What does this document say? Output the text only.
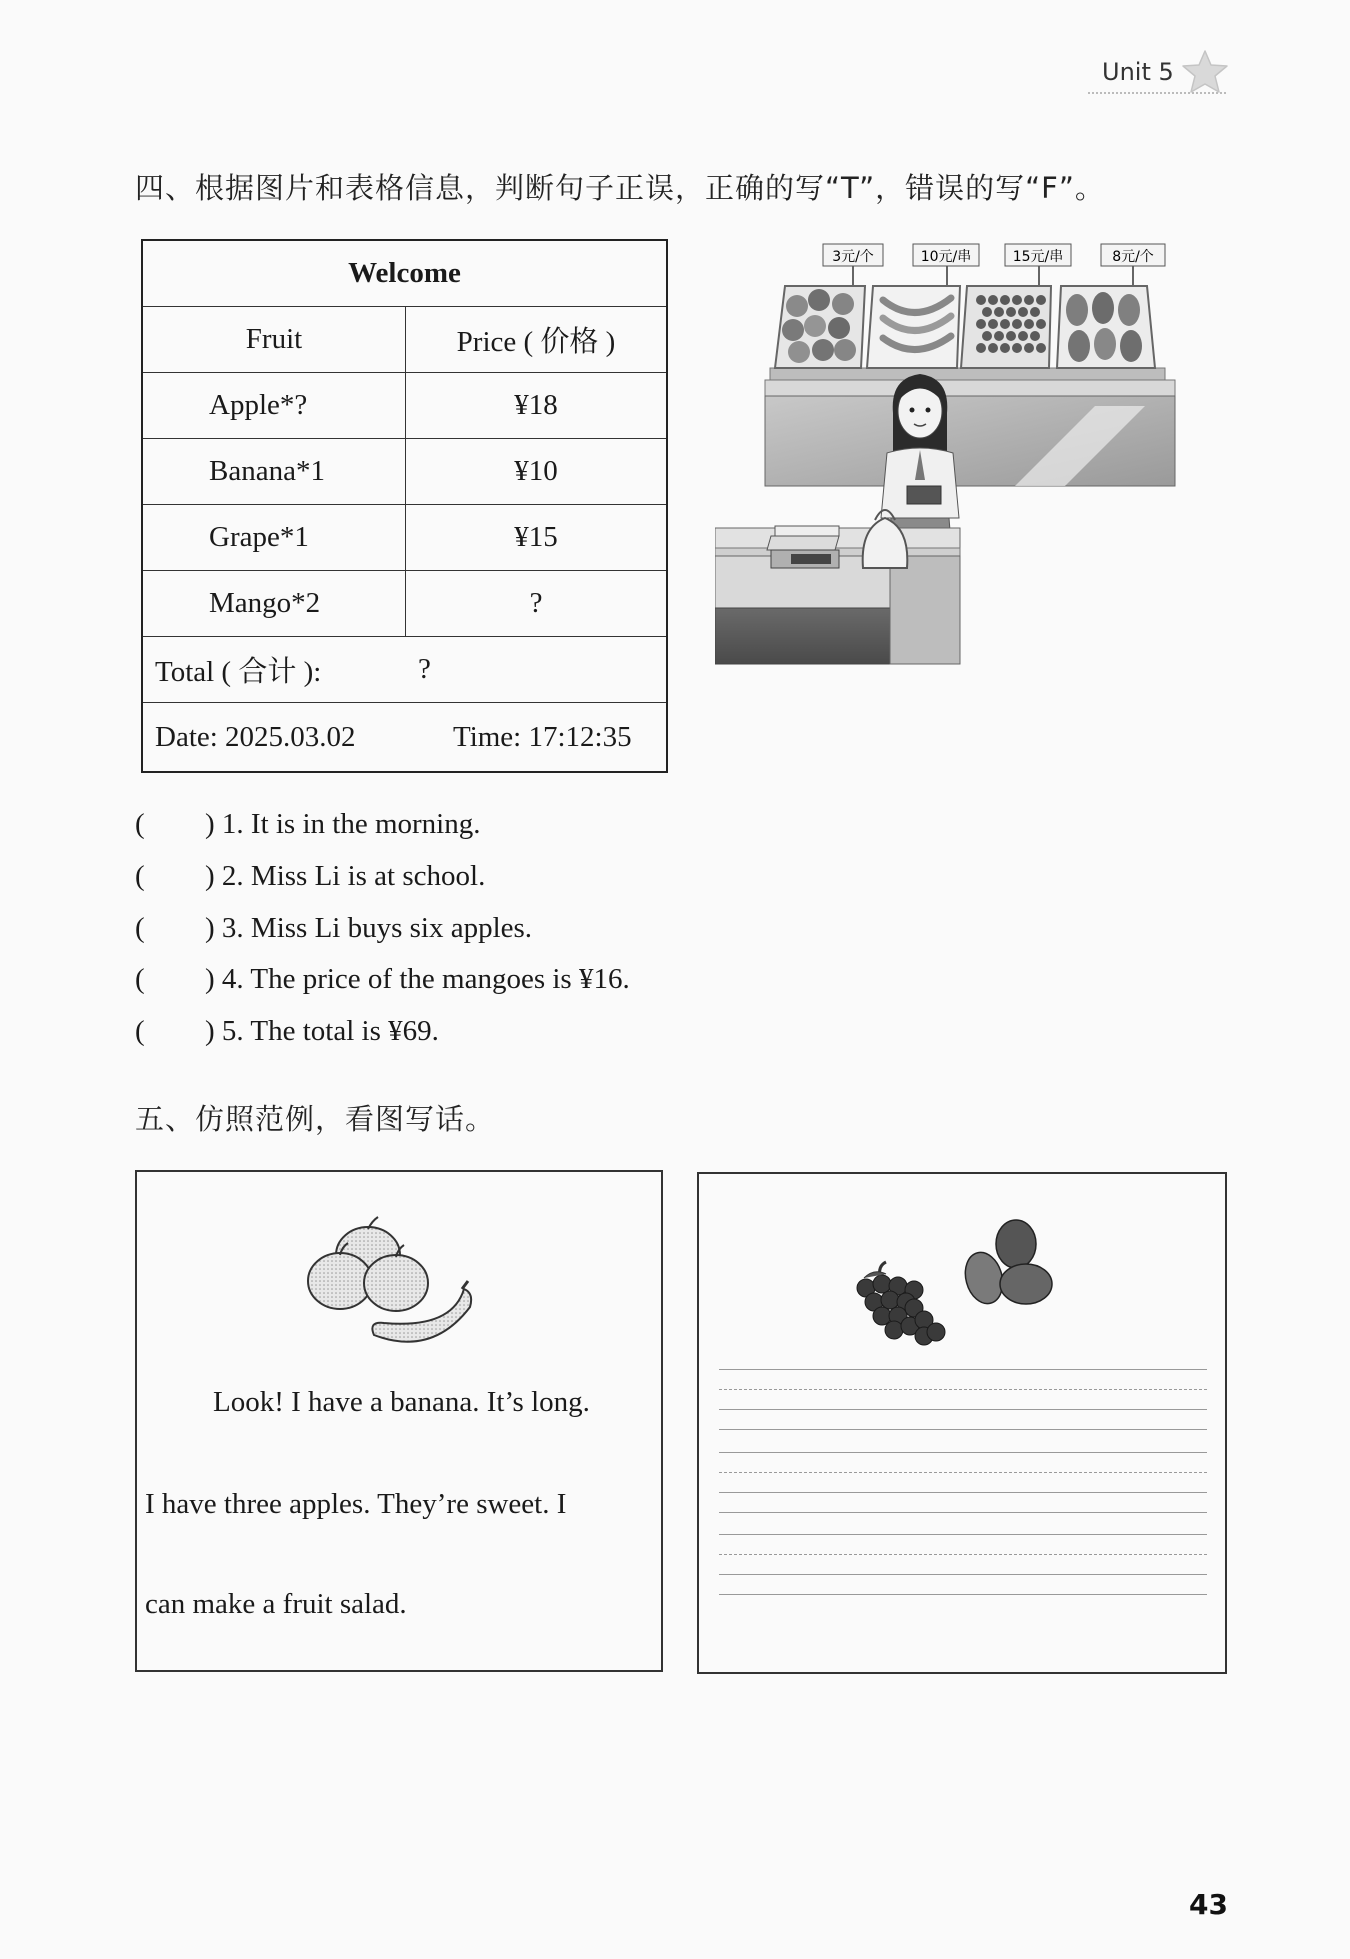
Unit 5
四、根据图片和表格信息，判断句子正误，正确的写“T”，错误的写“F”。
Welcome
Fruit	Price ( 价格 )
Apple*?	¥18
Banana*1	¥10
Grape*1	¥15
Mango*2	?
Total ( 合计 ):	?
Date: 2025.03.02	Time: 17:12:35
3元/个	10元/串	15元/串	8元/个
( ) 1. It is in the morning.
( ) 2. Miss Li is at school.
( ) 3. Miss Li buys six apples.
( ) 4. The price of the mangoes is ¥16.
( ) 5. The total is ¥69.
五、仿照范例，看图写话。
Look! I have a banana. It’s long.
I have three apples. They’re sweet. I
can make a fruit salad.
43
